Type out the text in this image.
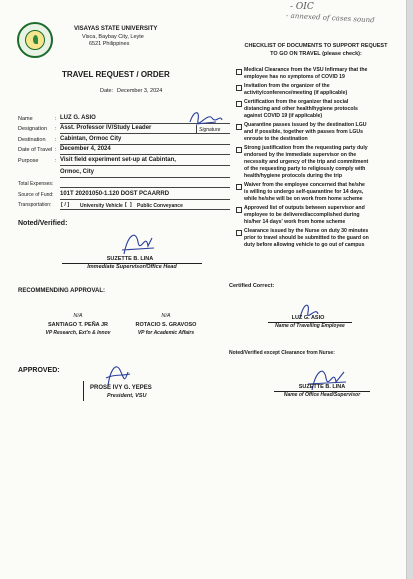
VISAYAS STATE UNIVERSITY
Visca, Baybay City, Leyte
6521 Philippines
- OIC
- annexed of cases sound
TRAVEL REQUEST / ORDER
Date: December 3, 2024
Name	: LUZ G. ASIO
Designation : Asst. Professor IV/Study Leader	Signature
Destination : Cabintan, Ormoc City
Date of Travel : December 4, 2024
Purpose	: Visit field experiment set-up at Cabintan,
Ormoc, City
Total Expenses:
Source of Fund: 101T 20201050-1.120 DOST PCAARRD
Transportation: [ / ] University Vehicle [  ] Public Conveyance
Noted/Verified:
SUZETTE B. LINA
Immediate Supervisor/Office Head
RECOMMENDING APPROVAL:
N/A
SANTIAGO T. PEÑA JR
VP Research, Ext'n & Innov
N/A
ROTACIO S. GRAVOSO
VP for Academic Affairs
APPROVED:
PROSE IVY G. YEPES
President, VSU
CHECKLIST OF DOCUMENTS TO SUPPORT REQUEST
TO GO ON TRAVEL (please check):
Medical Clearance from the VSU Infirmary that the
employee has no symptoms of COVID 19
Invitation from the organizer of the
activity/conference/meeting (if applicable)
Certification from the organizer that social
distancing and other health/hygiene protocols
against COVID 19 (if applicable)
Quarantine passes issued by the destination LGU
and if possible, together with passes from LGUs
enroute to the destination
Strong justification from the requesting party duly
endorsed by the immediate supervisor on the
necessity and urgency of the trip and commitment
of the requesting party to religiously comply with
health/hygiene protocols during the trip
Waiver from the employee concerned that he/she
is willing to undergo self-quarantine for 14 days,
while he/she will be on work from home scheme
Approved list of outputs between supervisor and
employee to be delivered/accomplished during
his/her 14 days' work from home scheme
Clearance issued by the Nurse on duty 30 minutes
prior to travel should be submitted to the guard on
duty before allowing vehicle to go out of campus
Certified Correct:
LUZ G. ASIO
Name of Travelling Employee
Noted/Verified except Clearance from Nurse:
SUZETTE B. LINA
Name of Office Head/Supervisor
